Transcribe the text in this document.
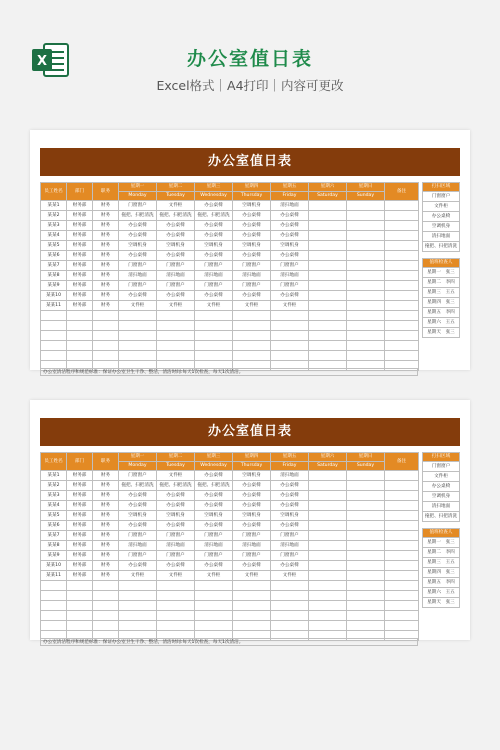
X	办公室值日表
Excel格式｜A4打印｜内容可更改
办公室值日表
员工姓名	部门	职务	星期一	星期二	星期三	星期四	星期五	星期六	星期日	备注
			Monday	Tuesday	Wednesday	Thursday	Friday	Saturday	Sunday	
某某1	财务部	财务	门窗窗户	文件柜	办公桌椅	空调机身	清扫地面			
某某2	财务部	财务	拖把、扫把清洗	拖把、扫把清洗	拖把、扫把清洗	办公桌椅	办公桌椅			
某某3	财务部	财务	办公桌椅	办公桌椅	办公桌椅	办公桌椅	办公桌椅			
某某4	财务部	财务	办公桌椅	办公桌椅	办公桌椅	办公桌椅	办公桌椅			
某某5	财务部	财务	空调机身	空调机身	空调机身	空调机身	空调机身			
某某6	财务部	财务	办公桌椅	办公桌椅	办公桌椅	办公桌椅	办公桌椅			
某某7	财务部	财务	门窗窗户	门窗窗户	门窗窗户	门窗窗户	门窗窗户			
某某8	财务部	财务	清扫地面	清扫地面	清扫地面	清扫地面	清扫地面			
某某9	财务部	财务	门窗窗户	门窗窗户	门窗窗户	门窗窗户	门窗窗户			
某某10	财务部	财务	办公桌椅	办公桌椅	办公桌椅	办公桌椅	办公桌椅			
某某11	财务部	财务	文件柜	文件柜	文件柜	文件柜	文件柜			

办公室清洁程序和规范标准：保证办公室卫生干净、整洁，清洁时间:每天1次检查，每天1次清洁。
打扫区域
门窗窗户
文件柜
办公桌椅
空调机身
清扫地面
拖把、扫把清洗

值班检查人
星期一　张三
星期二　李四
星期三　王五
星期四　张三
星期五　李四
星期六　王五
星期天　张三
办公室值日表
员工姓名	部门	职务	星期一	星期二	星期三	星期四	星期五	星期六	星期日	备注
			Monday	Tuesday	Wednesday	Thursday	Friday	Saturday	Sunday	
某某1	财务部	财务	门窗窗户	文件柜	办公桌椅	空调机身	清扫地面			
某某2	财务部	财务	拖把、扫把清洗	拖把、扫把清洗	拖把、扫把清洗	办公桌椅	办公桌椅			
某某3	财务部	财务	办公桌椅	办公桌椅	办公桌椅	办公桌椅	办公桌椅			
某某4	财务部	财务	办公桌椅	办公桌椅	办公桌椅	办公桌椅	办公桌椅			
某某5	财务部	财务	空调机身	空调机身	空调机身	空调机身	空调机身			
某某6	财务部	财务	办公桌椅	办公桌椅	办公桌椅	办公桌椅	办公桌椅			
某某7	财务部	财务	门窗窗户	门窗窗户	门窗窗户	门窗窗户	门窗窗户			
某某8	财务部	财务	清扫地面	清扫地面	清扫地面	清扫地面	清扫地面			
某某9	财务部	财务	门窗窗户	门窗窗户	门窗窗户	门窗窗户	门窗窗户			
某某10	财务部	财务	办公桌椅	办公桌椅	办公桌椅	办公桌椅	办公桌椅			
某某11	财务部	财务	文件柜	文件柜	文件柜	文件柜	文件柜			

办公室清洁程序和规范标准：保证办公室卫生干净、整洁，清洁时间:每天1次检查，每天1次清洁。
打扫区域
门窗窗户
文件柜
办公桌椅
空调机身
清扫地面
拖把、扫把清洗

值班检查人
星期一　张三
星期二　李四
星期三　王五
星期四　张三
星期五　李四
星期六　王五
星期天　张三
